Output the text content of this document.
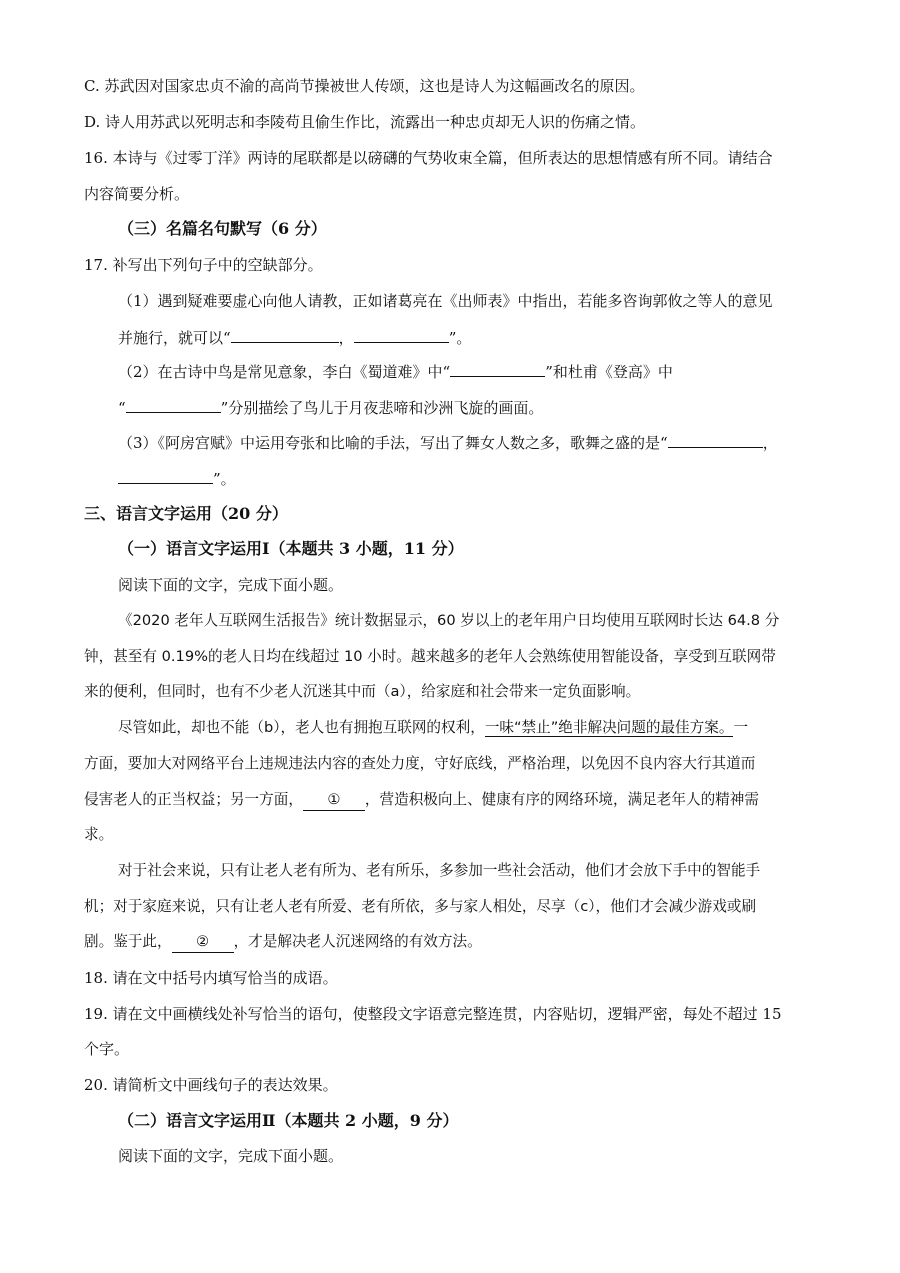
C. 苏武因对国家忠贞不渝的高尚节操被世人传颂，这也是诗人为这幅画改名的原因。
D. 诗人用苏武以死明志和李陵苟且偷生作比，流露出一种忠贞却无人识的伤痛之情。
16. 本诗与《过零丁洋》两诗的尾联都是以磅礴的气势收束全篇，但所表达的思想情感有所不同。请结合
内容简要分析。
（三）名篇名句默写（6 分）
17. 补写出下列句子中的空缺部分。
（1）遇到疑难要虚心向他人请教，正如诸葛亮在《出师表》中指出，若能多咨询郭攸之等人的意见
并施行，就可以“	，	”。
（2）在古诗中鸟是常见意象，李白《蜀道难》中“	”和杜甫《登高》中
“	”分别描绘了鸟儿于月夜悲啼和沙洲飞旋的画面。
（3）《阿房宫赋》中运用夸张和比喻的手法，写出了舞女人数之多，歌舞之盛的是“	，
”。
三、语言文字运用（20 分）
（一）语言文字运用Ⅰ（本题共 3 小题，11 分）
阅读下面的文字，完成下面小题。
《2020 老年人互联网生活报告》统计数据显示，60 岁以上的老年用户日均使用互联网时长达 64.8 分
钟，甚至有 0.19%的老人日均在线超过 10 小时。越来越多的老年人会熟练使用智能设备，享受到互联网带
来的便利，但同时，也有不少老人沉迷其中而（a），给家庭和社会带来一定负面影响。
尽管如此，却也不能（b），老人也有拥抱互联网的权利，一味“禁止”绝非解决问题的最佳方案。一
方面，要加大对网络平台上违规违法内容的查处力度，守好底线，严格治理，以免因不良内容大行其道而
侵害老人的正当权益；另一方面， ① ，营造积极向上、健康有序的网络环境，满足老年人的精神需
求。
对于社会来说，只有让老人老有所为、老有所乐，多参加一些社会活动，他们才会放下手中的智能手
机；对于家庭来说，只有让老人老有所爱、老有所依，多与家人相处，尽享（c），他们才会减少游戏或刷
剧。鉴于此， ② ，才是解决老人沉迷网络的有效方法。
18. 请在文中括号内填写恰当的成语。
19. 请在文中画横线处补写恰当的语句，使整段文字语意完整连贯，内容贴切，逻辑严密，每处不超过 15
个字。
20. 请简析文中画线句子的表达效果。
（二）语言文字运用Ⅱ（本题共 2 小题，9 分）
阅读下面的文字，完成下面小题。
